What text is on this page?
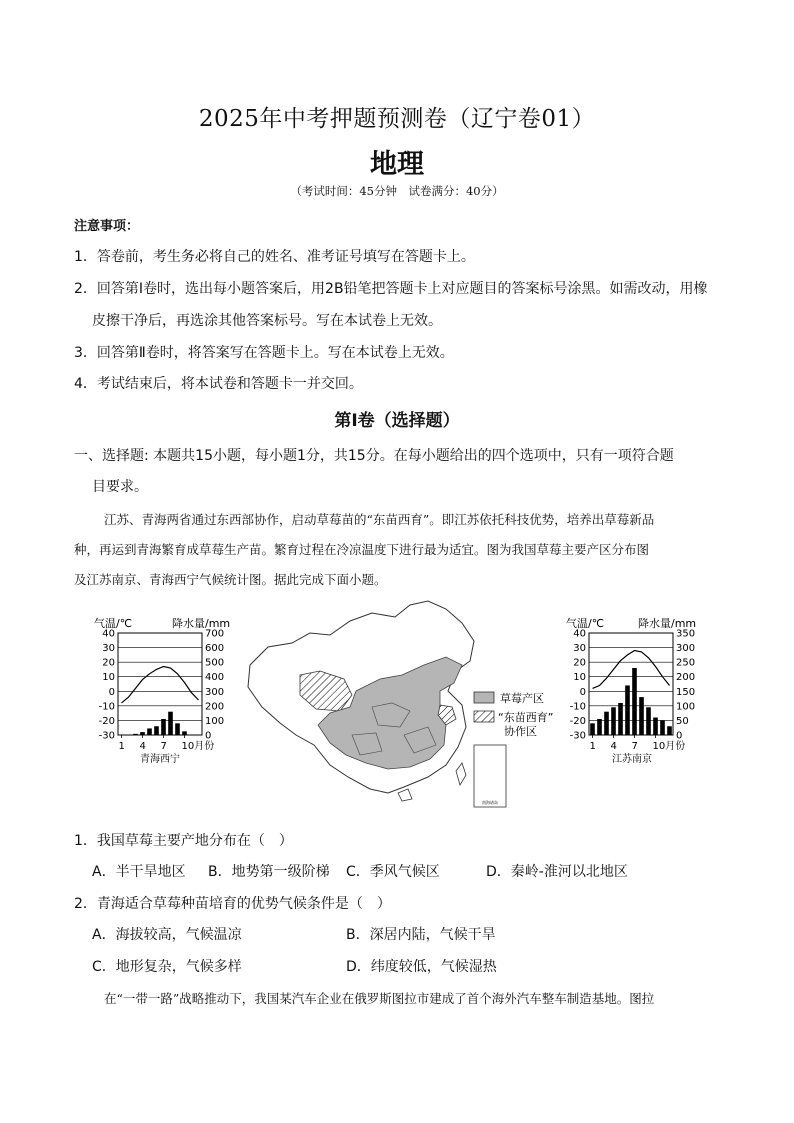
2025年中考押题预测卷（辽宁卷01）
地理
（考试时间：45分钟　试卷满分：40分）
注意事项：
1．答卷前，考生务必将自己的姓名、准考证号填写在答题卡上。
2．回答第Ⅰ卷时，选出每小题答案后，用2B铅笔把答题卡上对应题目的答案标号涂黑。如需改动，用橡
皮擦干净后，再选涂其他答案标号。写在本试卷上无效。
3．回答第Ⅱ卷时，将答案写在答题卡上。写在本试卷上无效。
4．考试结束后，将本试卷和答题卡一并交回。
第Ⅰ卷（选择题）
一、选择题: 本题共15小题，每小题1分，共15分。在每小题给出的四个选项中，只有一项符合题
目要求。
江苏、青海两省通过东西部协作，启动草莓苗的“东苗西育”。即江苏依托科技优势，培养出草莓新品
种，再运到青海繁育成草莓生产苗。繁育过程在冷凉温度下进行最为适宜。图为我国草莓主要产区分布图
及江苏南京、青海西宁气候统计图。据此完成下面小题。
气温/℃	降水量/mm
40
30
20
10
0
-10
-20
-30
700
600
500
400
300
200
100
0
1 4 7 10月份
青海西宁
气温/℃	降水量/mm
40
30
20
10
0
-10
-20
-30
350
300
250
200
150
100
50
0
1 4 7 10月份
江苏南京
南海诸岛
草莓产区
“东苗西育”
协作区
1．我国草莓主要产地分布在（　）
A．半干旱地区 B．地势第一级阶梯 C．季风气候区	D．秦岭-淮河以北地区
2．青海适合草莓种苗培育的优势气候条件是（　）
A．海拔较高，气候温凉	B．深居内陆，气候干旱
C．地形复杂，气候多样	D．纬度较低，气候湿热
在“一带一路”战略推动下，我国某汽车企业在俄罗斯图拉市建成了首个海外汽车整车制造基地。图拉
